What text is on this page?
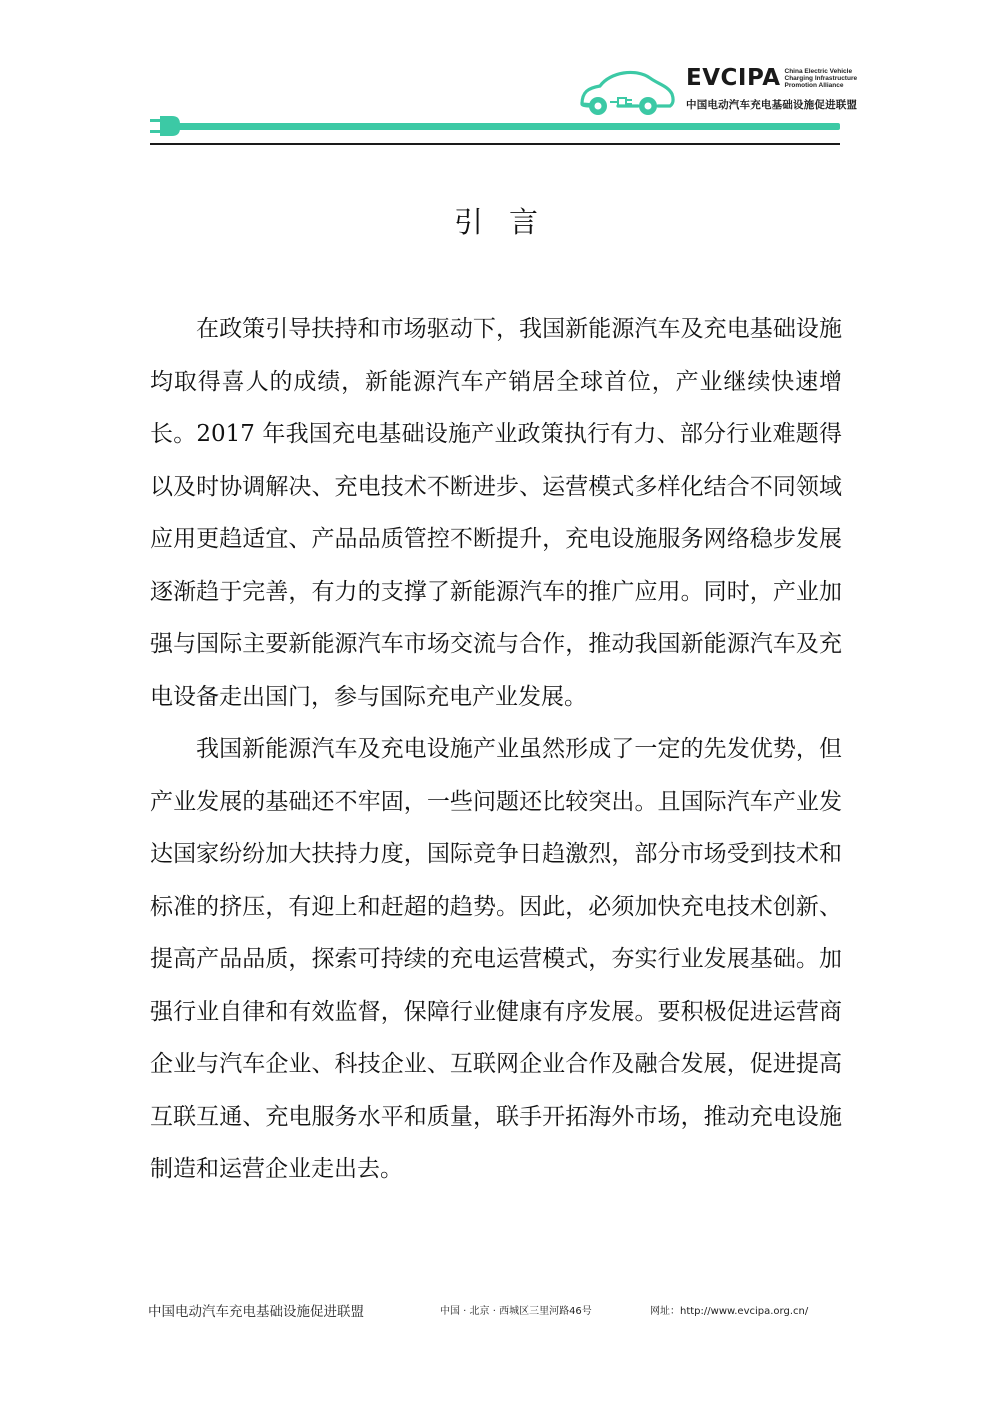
EVCIPA China Electric Vehicle
Charging Infrastructure
Promotion Alliance
中国电动汽车充电基础设施促进联盟
引言

在政策引导扶持和市场驱动下，我国新能源汽车及充电基础设施均取得喜人的成绩，新能源汽车产销居全球首位，产业继续快速增长。2017 年我国充电基础设施产业政策执行有力、部分行业难题得以及时协调解决、充电技术不断进步、运营模式多样化结合不同领域应用更趋适宜、产品品质管控不断提升，充电设施服务网络稳步发展逐渐趋于完善，有力的支撑了新能源汽车的推广应用。同时，产业加强与国际主要新能源汽车市场交流与合作，推动我国新能源汽车及充电设备走出国门，参与国际充电产业发展。

我国新能源汽车及充电设施产业虽然形成了一定的先发优势，但产业发展的基础还不牢固，一些问题还比较突出。且国际汽车产业发达国家纷纷加大扶持力度，国际竞争日趋激烈，部分市场受到技术和标准的挤压，有迎上和赶超的趋势。因此，必须加快充电技术创新、提高产品品质，探索可持续的充电运营模式，夯实行业发展基础。加强行业自律和有效监督，保障行业健康有序发展。要积极促进运营商企业与汽车企业、科技企业、互联网企业合作及融合发展，促进提高互联互通、充电服务水平和质量，联手开拓海外市场，推动充电设施制造和运营企业走出去。

中国电动汽车充电基础设施促进联盟	中国 · 北京 · 西城区三里河路46号	网址：http://www.evcipa.org.cn/
